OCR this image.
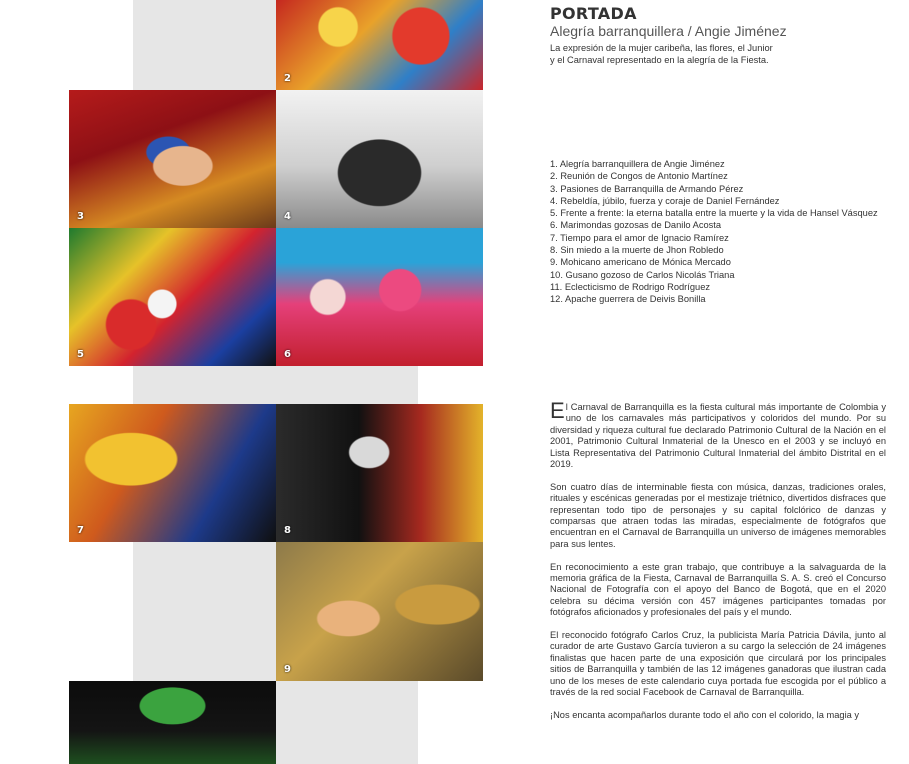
2
3	4
5	6
7	8
9
PORTADA
Alegría barranquillera / Angie Jiménez
La expresión de la mujer caribeña, las flores, el Junior
y el Carnaval representado en la alegría de la Fiesta.
1. Alegría barranquillera de Angie Jiménez
2. Reunión de Congos de Antonio Martínez
3. Pasiones de Barranquilla de Armando Pérez
4. Rebeldía, júbilo, fuerza y coraje de Daniel Fernández
5. Frente a frente: la eterna batalla entre la muerte y la vida de Hansel Vásquez
6. Marimondas gozosas de Danilo Acosta
7. Tiempo para el amor de Ignacio Ramírez
8. Sin miedo a la muerte de Jhon Robledo
9. Mohicano americano de Mónica Mercado
10. Gusano gozoso de Carlos Nicolás Triana
11. Eclecticismo de Rodrigo Rodríguez
12. Apache guerrera de Deivis Bonilla

El Carnaval de Barranquilla es la fiesta cultural más importante de Colombia y uno de los carnavales más participativos y coloridos del mundo. Por su diversidad y riqueza cultural fue declarado Patrimonio Cultural de la Nación en el 2001, Patrimonio Cultural Inmaterial de la Unesco en el 2003 y se incluyó en Lista Representativa del Patrimonio Cultural Inmaterial del ámbito Distrital en el 2019.

Son cuatro días de interminable fiesta con música, danzas, tradiciones orales, rituales y escénicas generadas por el mestizaje triétnico, divertidos disfraces que representan todo tipo de personajes y su capital folclórico de danzas y comparsas que atraen todas las miradas, especialmente de fotógrafos que encuentran en el Carnaval de Barranquilla un universo de imágenes memorables para sus lentes.

En reconocimiento a este gran trabajo, que contribuye a la salvaguarda de la memoria gráfica de la Fiesta, Carnaval de Barranquilla S. A. S. creó el Concurso Nacional de Fotografía con el apoyo del Banco de Bogotá, que en el 2020 celebra su décima versión con 457 imágenes participantes tomadas por fotógrafos aficionados y profesionales del país y el mundo.

El reconocido fotógrafo Carlos Cruz, la publicista María Patricia Dávila, junto al curador de arte Gustavo García tuvieron a su cargo la selección de 24 imágenes finalistas que hacen parte de una exposición que circulará por los principales sitios de Barranquilla y también de las 12 imágenes ganadoras que ilustran cada uno de los meses de este calendario cuya portada fue escogida por el público a través de la red social Facebook de Carnaval de Barranquilla.

¡Nos encanta acompañarlos durante todo el año con el colorido, la magia y
